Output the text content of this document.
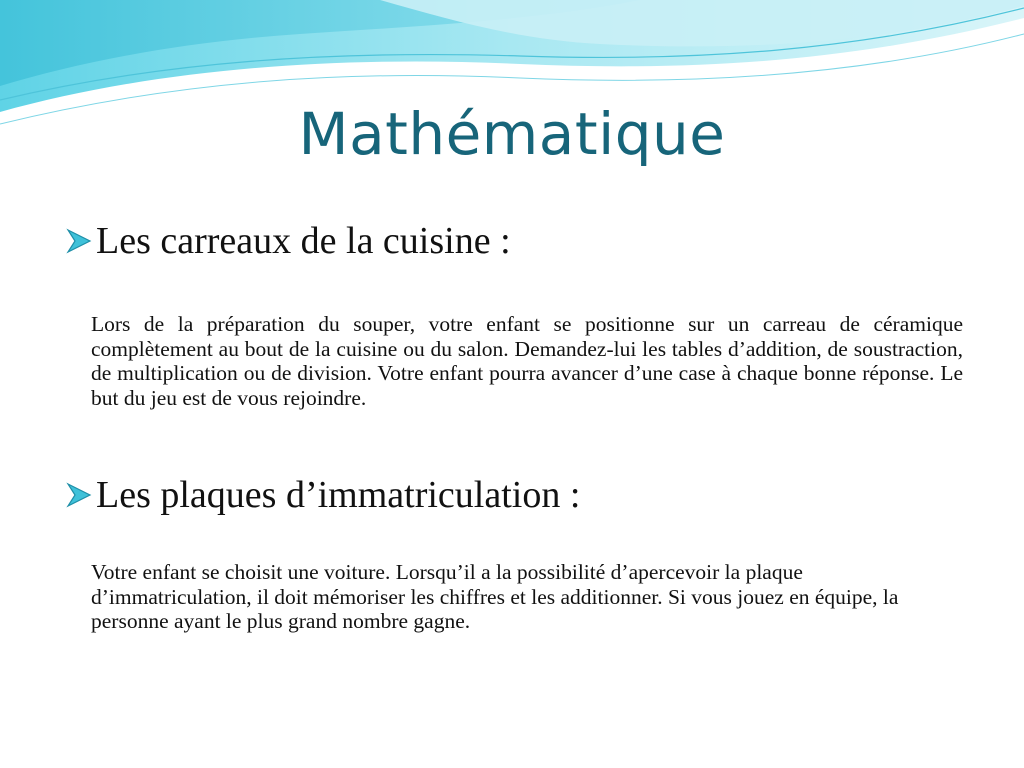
Mathématique
Les carreaux de la cuisine :
Lors de la préparation du souper, votre enfant se positionne sur un carreau de céramique complètement au bout de la cuisine ou du salon. Demandez-lui les tables d’addition, de soustraction, de multiplication ou de division. Votre enfant pourra avancer d’une case à chaque bonne réponse. Le but du jeu est de vous rejoindre.
Les plaques d’immatriculation :
Votre enfant se choisit une voiture. Lorsqu’il a la possibilité d’apercevoir la plaque d’immatriculation, il doit mémoriser les chiffres et les additionner. Si vous jouez en équipe, la personne ayant le plus grand nombre gagne.
